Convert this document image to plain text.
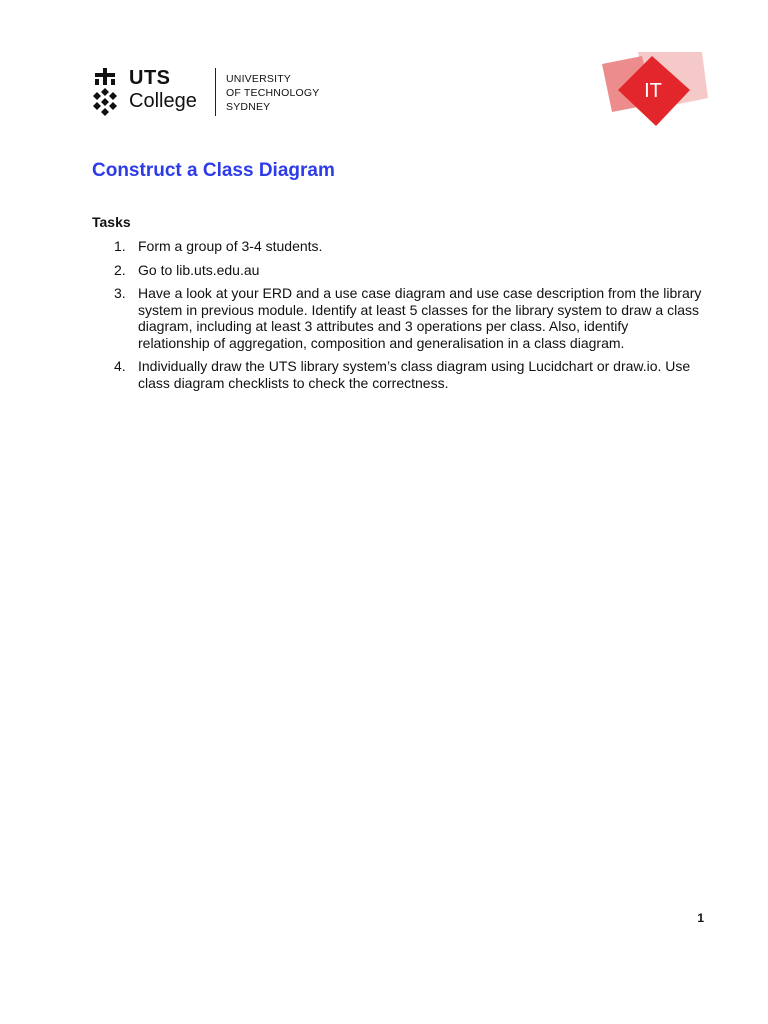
UTS
College
UNIVERSITY
OF TECHNOLOGY
SYDNEY
IT
Construct a Class Diagram
Tasks
1. Form a group of 3-4 students.
2. Go to lib.uts.edu.au
3. Have a look at your ERD and a use case diagram and use case description from the library system in previous module. Identify at least 5 classes for the library system to draw a class diagram, including at least 3 attributes and 3 operations per class. Also, identify relationship of aggregation, composition and generalisation in a class diagram.
4. Individually draw the UTS library system’s class diagram using Lucidchart or draw.io. Use class diagram checklists to check the correctness.
1
